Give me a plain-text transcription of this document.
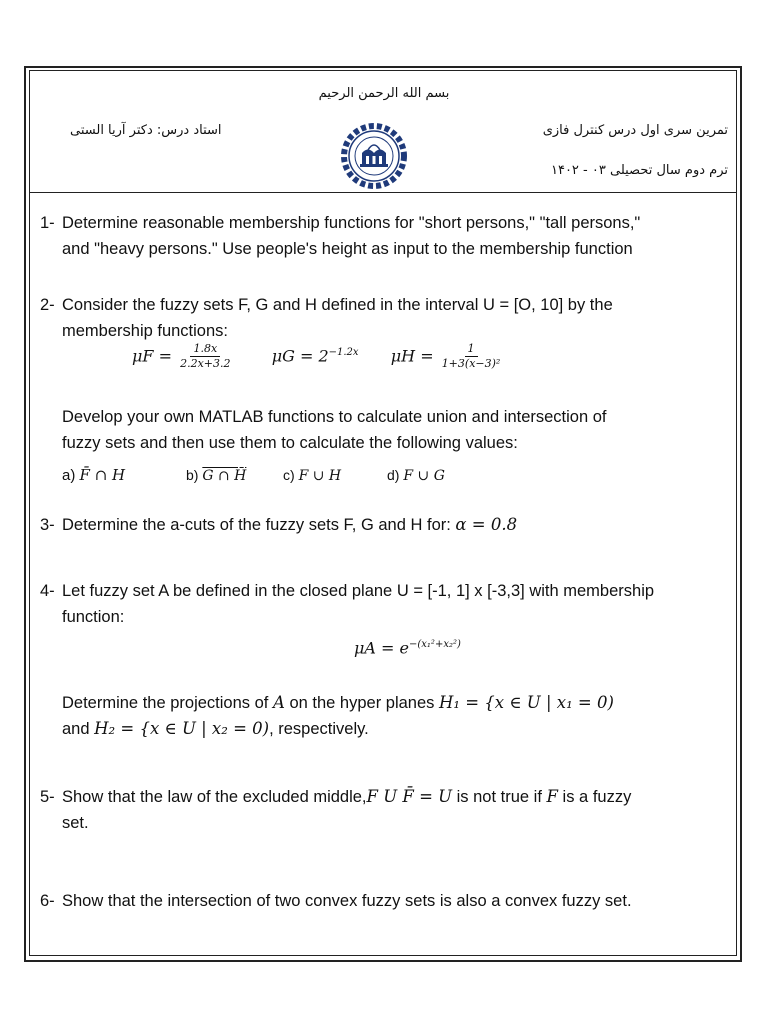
بسم الله الرحمن الرحیم
تمرین سری اول درس کنترل فازی
ترم دوم سال تحصیلی ۰۳ - ۱۴۰۲
استاد درس: دکتر آریا الستی
1- Determine reasonable membership functions for "short persons," "tall persons,"
and "heavy persons." Use people's height as input to the membership function
2- Consider the fuzzy sets F, G and H defined in the interval U = [O, 10] by the
membership functions:
$\mu F = \frac{1.8x}{2.2x+3.2}$ $\mu G = 2^{-1.2x}$ $\mu H = \frac{1}{\text{1+3(x−3)²}}$
Develop your own MATLAB functions to calculate union and intersection of
fuzzy sets and then use them to calculate the following values:
a) F̄ ∩ H	b) G ∩ H̄	c) F ∪ H	d) F ∪ G
3- Determine the a-cuts of the fuzzy sets F, G and H for: α = 0.8
4- Let fuzzy set A be defined in the closed plane U = [-1, 1] x [-3,3] with membership
function:
$\mu A = e^{-(x_1^2+x_2^2)}$
Determine the projections of A on the hyper planes H₁ = {x ∈ U | x₁ = 0)
and H₂ = {x ∈ U | x₂ = 0), respectively.
5- Show that the law of the excluded middle,F U F̄ = U is not true if F is a fuzzy
set.
6- Show that the intersection of two convex fuzzy sets is also a convex fuzzy set.
